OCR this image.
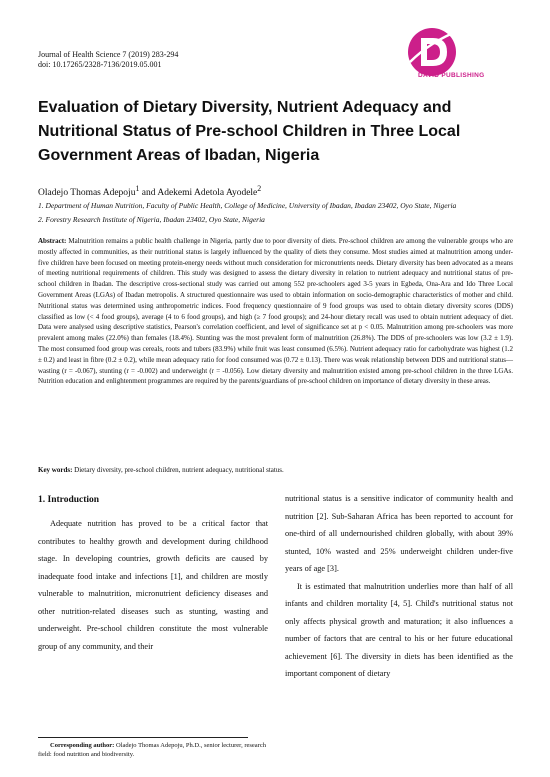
Journal of Health Science 7 (2019) 283-294
doi: 10.17265/2328-7136/2019.05.001
DAVID PUBLISHING
Evaluation of Dietary Diversity, Nutrient Adequacy and
Nutritional Status of Pre-school Children in Three Local
Government Areas of Ibadan, Nigeria
Oladejo Thomas Adepoju$^1$ and Adekemi Adetola Ayodele$^2$
1. Department of Human Nutrition, Faculty of Public Health, College of Medicine, University of Ibadan, Ibadan 23402, Oyo State, Nigeria
2. Forestry Research Institute of Nigeria, Ibadan 23402, Oyo State, Nigeria
Abstract: Malnutrition remains a public health challenge in Nigeria, partly due to poor diversity of diets. Pre-school children are among the vulnerable groups who are mostly affected in communities, as their nutritional status is largely influenced by the quality of diets they consume. Most studies aimed at malnutrition among under-five children have been focused on meeting protein-energy needs without much consideration for micronutrients needs. Dietary diversity has been advocated as a means of meeting nutritional requirements of children. This study was designed to assess the dietary diversity in relation to nutrient adequacy and nutritional status of pre-school children in Ibadan. The descriptive cross-sectional study was carried out among 552 pre-schoolers aged 3-5 years in Egbeda, Ona-Ara and Ido Three Local Government Areas (LGAs) of Ibadan metropolis. A structured questionnaire was used to obtain information on socio-demographic characteristics of mother and child. Nutritional status was determined using anthropometric indices. Food frequency questionnaire of 9 food groups was used to obtain dietary diversity scores (DDS) classified as low (< 4 food groups), average (4 to 6 food groups), and high (≥ 7 food groups); and 24-hour dietary recall was used to obtain nutrient adequacy of diet. Data were analysed using descriptive statistics, Pearson's correlation coefficient, and level of significance set at p < 0.05. Malnutrition among pre-schoolers was more prevalent among males (22.0%) than females (18.4%). Stunting was the most prevalent form of malnutrition (26.8%). The DDS of pre-schoolers was low (3.2 ± 1.9). The most consumed food group was cereals, roots and tubers (83.9%) while fruit was least consumed (6.5%). Nutrient adequacy ratio for carbohydrate was highest (1.2 ± 0.2) and least in fibre (0.2 ± 0.2), while mean adequacy ratio for food consumed was (0.72 ± 0.13). There was weak relationship between DDS and nutritional status—wasting (r = -0.067), stunting (r = -0.002) and underweight (r = -0.056). Low dietary diversity and malnutrition existed among pre-school children in the three LGAs. Nutrition education and enlightenment programmes are required by the parents/guardians of pre-school children on importance of dietary diversity in these areas.
Key words: Dietary diversity, pre-school children, nutrient adequacy, nutritional status.
1. Introduction

Adequate nutrition has proved to be a critical factor that contributes to healthy growth and development during childhood stage. In developing countries, growth deficits are caused by inadequate food intake and infections [1], and children are mostly vulnerable to malnutrition, micronutrient deficiency diseases and other nutrition-related diseases such as stunting, wasting and underweight. Pre-school children constitute the most vulnerable group of any community, and their

nutritional status is a sensitive indicator of community health and nutrition [2]. Sub-Saharan Africa has been reported to account for one-third of all undernourished children globally, with about 39% stunted, 10% wasted and 25% underweight children under-five years of age [3].

It is estimated that malnutrition underlies more than half of all infants and children mortality [4, 5]. Child's nutritional status not only affects physical growth and maturation; it also influences a number of factors that are central to his or her future educational achievement [6]. The diversity in diets has been identified as the important component of dietary

Corresponding author: Oladejo Thomas Adepoju, Ph.D., senior lecturer, research field: food nutrition and biodiversity.
